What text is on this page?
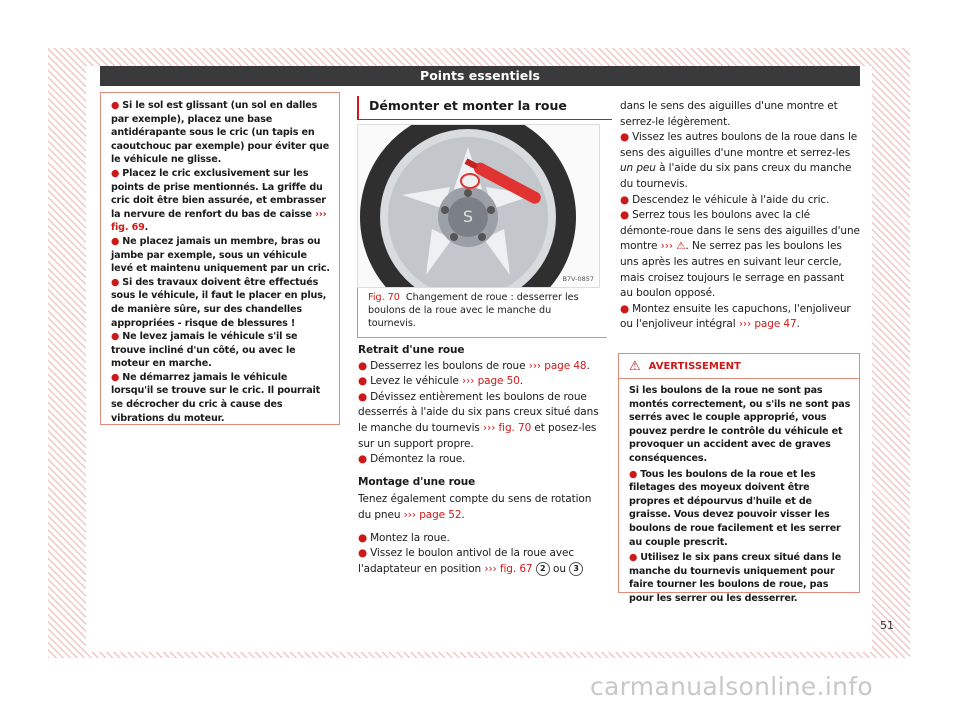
Points essentiels

● Si le sol est glissant (un sol en dalles par exemple), placez une base antidérapante sous le cric (un tapis en caoutchouc par exemple) pour éviter que le véhicule ne glisse.

● Placez le cric exclusivement sur les points de prise mentionnés. La griffe du cric doit être bien assurée, et embrasser la nervure de renfort du bas de caisse ››› fig. 69.

● Ne placez jamais un membre, bras ou jambe par exemple, sous un véhicule levé et maintenu uniquement par un cric.

● Si des travaux doivent être effectués sous le véhicule, il faut le placer en plus, de manière sûre, sur des chandelles appropriées - risque de blessures !

● Ne levez jamais le véhicule s'il se trouve incliné d'un côté, ou avec le moteur en marche.

● Ne démarrez jamais le véhicule lorsqu'il se trouve sur le cric. Il pourrait se décrocher du cric à cause des vibrations du moteur.

Démonter et monter la roue
S
B7V-0857
Fig. 70 Changement de roue : desserrer les boulons de la roue avec le manche du tournevis.

Retrait d'une roue

● Desserrez les boulons de roue ››› page 48.

● Levez le véhicule ››› page 50.

● Dévissez entièrement les boulons de roue desserrés à l'aide du six pans creux situé dans le manche du tournevis ››› fig. 70 et posez-les sur un support propre.

● Démontez la roue.

Montage d'une roue

Tenez également compte du sens de rotation du pneu ››› page 52.

● Montez la roue.

● Vissez le boulon antivol de la roue avec l'adaptateur en position ››› fig. 67 2 ou 3

dans le sens des aiguilles d'une montre et serrez-le légèrement.

● Vissez les autres boulons de la roue dans le sens des aiguilles d'une montre et serrez-les un peu à l'aide du six pans creux du manche du tournevis.

● Descendez le véhicule à l'aide du cric.

● Serrez tous les boulons avec la clé démonte-roue dans le sens des aiguilles d'une montre ››› ⚠. Ne serrez pas les boulons les uns après les autres en suivant leur cercle, mais croisez toujours le serrage en passant au boulon opposé.

● Montez ensuite les capuchons, l'enjoliveur ou l'enjoliveur intégral ››› page 47.

⚠ AVERTISSEMENT

Si les boulons de la roue ne sont pas montés correctement, ou s'ils ne sont pas serrés avec le couple approprié, vous pouvez perdre le contrôle du véhicule et provoquer un accident avec de graves conséquences.

● Tous les boulons de la roue et les filetages des moyeux doivent être propres et dépourvus d'huile et de graisse. Vous devez pouvoir visser les boulons de roue facilement et les serrer au couple prescrit.

● Utilisez le six pans creux situé dans le manche du tournevis uniquement pour faire tourner les boulons de roue, pas pour les serrer ou les desserrer.

51
carmanualsonline.info
